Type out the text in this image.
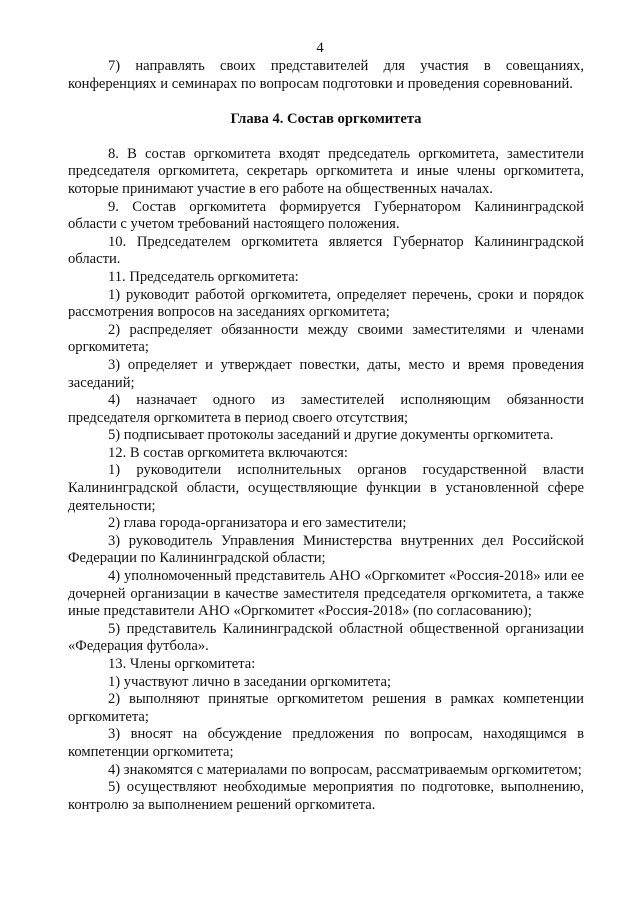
4

7) направлять своих представителей для участия в совещаниях, конференциях и семинарах по вопросам подготовки и проведения соревнований.

Глава 4. Состав оргкомитета

8. В состав оргкомитета входят председатель оргкомитета, заместители председателя оргкомитета, секретарь оргкомитета и иные члены оргкомитета, которые принимают участие в его работе на общественных началах.

9. Состав оргкомитета формируется Губернатором Калининградской области с учетом требований настоящего положения.

10. Председателем оргкомитета является Губернатор Калининградской области.

11. Председатель оргкомитета:

1) руководит работой оргкомитета, определяет перечень, сроки и порядок рассмотрения вопросов на заседаниях оргкомитета;

2) распределяет обязанности между своими заместителями и членами оргкомитета;

3) определяет и утверждает повестки, даты, место и время проведения заседаний;

4) назначает одного из заместителей исполняющим обязанности председателя оргкомитета в период своего отсутствия;

5) подписывает протоколы заседаний и другие документы оргкомитета.

12. В состав оргкомитета включаются:

1) руководители исполнительных органов государственной власти Калининградской области, осуществляющие функции в установленной сфере деятельности;

2) глава города-организатора и его заместители;

3) руководитель Управления Министерства внутренних дел Российской Федерации по Калининградской области;

4) уполномоченный представитель АНО «Оргкомитет «Россия-2018» или ее дочерней организации в качестве заместителя председателя оргкомитета, а также иные представители АНО «Оргкомитет «Россия-2018» (по согласованию);

5) представитель Калининградской областной общественной организации «Федерация футбола».

13. Члены оргкомитета:

1) участвуют лично в заседании оргкомитета;

2) выполняют принятые оргкомитетом решения в рамках компетенции оргкомитета;

3) вносят на обсуждение предложения по вопросам, находящимся в компетенции оргкомитета;

4) знакомятся с материалами по вопросам, рассматриваемым оргкомитетом;

5) осуществляют необходимые мероприятия по подготовке, выполнению, контролю за выполнением решений оргкомитета.
